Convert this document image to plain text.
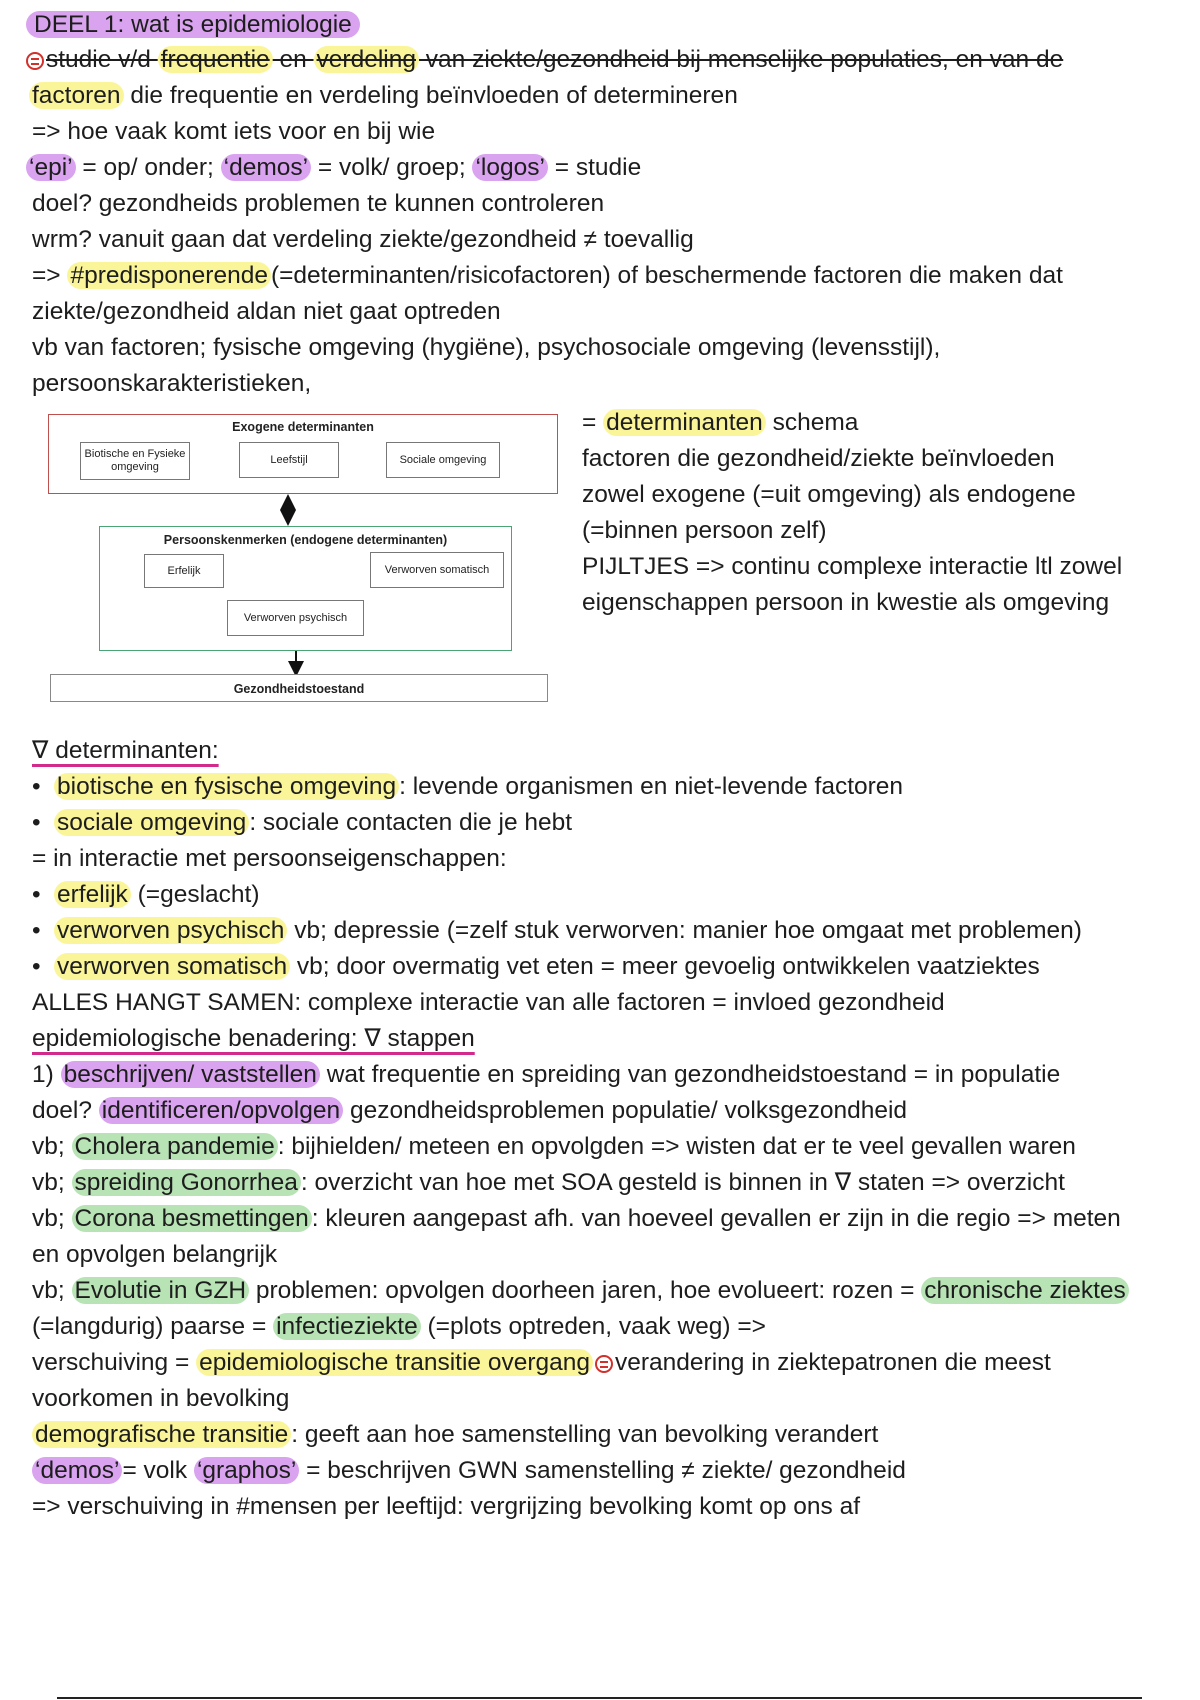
DEEL 1: wat is epidemiologie
studie v/d frequentie en verdeling van ziekte/gezondheid bij menselijke populaties, en van de
factoren die frequentie en verdeling beïnvloeden of determineren
=> hoe vaak komt iets voor en bij wie
‘epi’ = op/ onder; ‘demos’ = volk/ groep; ‘logos’ = studie
doel? gezondheids problemen te kunnen controleren
wrm? vanuit gaan dat verdeling ziekte/gezondheid ≠ toevallig
=> #predisponerende (=determinanten/risicofactoren) of beschermende factoren die maken dat
ziekte/gezondheid aldan niet gaat optreden
vb van factoren; fysische omgeving (hygiëne), psychosociale omgeving (levensstijl),
persoonskarakteristieken,
Exogene determinanten
Biotische en Fysieke omgeving
Leefstijl	Sociale omgeving
Persoonskenmerken (endogene determinanten)
Erfelijk	Verworven somatisch
Verworven psychisch
Gezondheidstoestand
= determinanten schema
factoren die gezondheid/ziekte beïnvloeden
zowel exogene (=uit omgeving) als endogene
(=binnen persoon zelf)
PIJLTJES => continu complexe interactie ltl zowel
eigenschappen persoon in kwestie als omgeving
∇ determinanten:
• biotische en fysische omgeving : levende organismen en niet-levende factoren
• sociale omgeving : sociale contacten die je hebt
= in interactie met persoonseigenschappen:
• erfelijk (=geslacht)
• verworven psychisch vb; depressie (=zelf stuk verworven: manier hoe omgaat met problemen)
• verworven somatisch vb; door overmatig vet eten = meer gevoelig ontwikkelen vaatziektes
ALLES HANGT SAMEN: complexe interactie van alle factoren = invloed gezondheid
epidemiologische benadering: ∇ stappen
1) beschrijven/ vaststellen wat frequentie en spreiding van gezondheidstoestand = in populatie
doel? identificeren/opvolgen gezondheidsproblemen populatie/ volksgezondheid
vb; Cholera pandemie : bijhielden/ meteen en opvolgden => wisten dat er te veel gevallen waren
vb; spreiding Gonorrhea : overzicht van hoe met SOA gesteld is binnen in ∇ staten => overzicht
vb; Corona besmettingen : kleuren aangepast afh. van hoeveel gevallen er zijn in die regio => meten
en opvolgen belangrijk
vb; Evolutie in GZH problemen: opvolgen doorheen jaren, hoe evolueert: rozen = chronische ziektes
(=langdurig) paarse = infectieziekte (=plots optreden, vaak weg) =>
verschuiving = epidemiologische transitie overgang verandering in ziektepatronen die meest
voorkomen in bevolking
demografische transitie : geeft aan hoe samenstelling van bevolking verandert
‘demos’ = volk ‘graphos’ = beschrijven GWN samenstelling ≠ ziekte/ gezondheid
=> verschuiving in #mensen per leeftijd: vergrijzing bevolking komt op ons af
